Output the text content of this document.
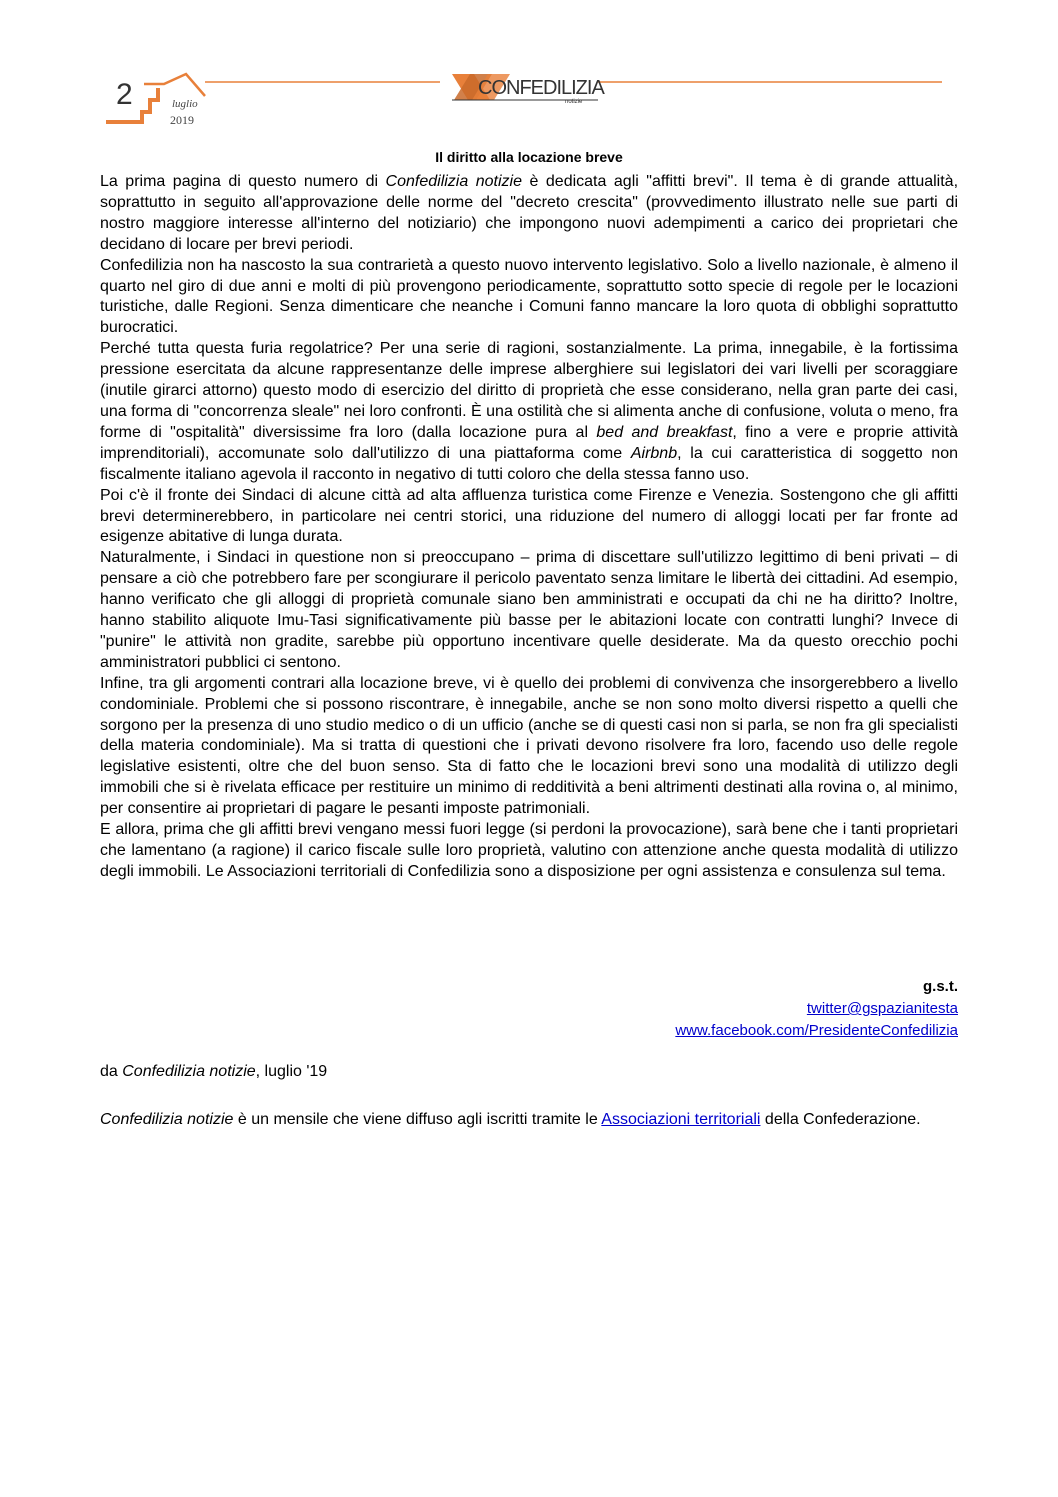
2	luglio
2019
CONFEDILIZIA
notizie
Il diritto alla locazione breve

La prima pagina di questo numero di Confedilizia notizie è dedicata agli "affitti brevi". Il tema è di grande attualità, soprattutto in seguito all'approvazione delle norme del "decreto crescita" (provvedimento illustrato nelle sue parti di nostro maggiore interesse all'interno del notiziario) che impongono nuovi adempimenti a carico dei proprietari che decidano di locare per brevi periodi.

Confedilizia non ha nascosto la sua contrarietà a questo nuovo intervento legislativo. Solo a livello nazionale, è almeno il quarto nel giro di due anni e molti di più provengono periodicamente, soprattutto sotto specie di regole per le locazioni turistiche, dalle Regioni. Senza dimenticare che neanche i Comuni fanno mancare la loro quota di obblighi soprattutto burocratici.

Perché tutta questa furia regolatrice? Per una serie di ragioni, sostanzialmente. La prima, innegabile, è la fortissima pressione esercitata da alcune rappresentanze delle imprese alberghiere sui legislatori dei vari livelli per scoraggiare (inutile girarci attorno) questo modo di esercizio del diritto di proprietà che esse considerano, nella gran parte dei casi, una forma di "concorrenza sleale" nei loro confronti. È una ostilità che si alimenta anche di confusione, voluta o meno, fra forme di "ospitalità" diversissime fra loro (dalla locazione pura al bed and breakfast, fino a vere e proprie attività imprenditoriali), accomunate solo dall'utilizzo di una piattaforma come Airbnb, la cui caratteristica di soggetto non fiscalmente italiano agevola il racconto in negativo di tutti coloro che della stessa fanno uso.

Poi c'è il fronte dei Sindaci di alcune città ad alta affluenza turistica come Firenze e Venezia. Sostengono che gli affitti brevi determinerebbero, in particolare nei centri storici, una riduzione del numero di alloggi locati per far fronte ad esigenze abitative di lunga durata.

Naturalmente, i Sindaci in questione non si preoccupano – prima di discettare sull'utilizzo legittimo di beni privati – di pensare a ciò che potrebbero fare per scongiurare il pericolo paventato senza limitare le libertà dei cittadini. Ad esempio, hanno verificato che gli alloggi di proprietà comunale siano ben amministrati e occupati da chi ne ha diritto? Inoltre, hanno stabilito aliquote Imu-Tasi significativamente più basse per le abitazioni locate con contratti lunghi? Invece di "punire" le attività non gradite, sarebbe più opportuno incentivare quelle desiderate. Ma da questo orecchio pochi amministratori pubblici ci sentono.

Infine, tra gli argomenti contrari alla locazione breve, vi è quello dei problemi di convivenza che insorgerebbero a livello condominiale. Problemi che si possono riscontrare, è innegabile, anche se non sono molto diversi rispetto a quelli che sorgono per la presenza di uno studio medico o di un ufficio (anche se di questi casi non si parla, se non fra gli specialisti della materia condominiale). Ma si tratta di questioni che i privati devono risolvere fra loro, facendo uso delle regole legislative esistenti, oltre che del buon senso. Sta di fatto che le locazioni brevi sono una modalità di utilizzo degli immobili che si è rivelata efficace per restituire un minimo di redditività a beni altrimenti destinati alla rovina o, al minimo, per consentire ai proprietari di pagare le pesanti imposte patrimoniali.

E allora, prima che gli affitti brevi vengano messi fuori legge (si perdoni la provocazione), sarà bene che i tanti proprietari che lamentano (a ragione) il carico fiscale sulle loro proprietà, valutino con attenzione anche questa modalità di utilizzo degli immobili. Le Associazioni territoriali di Confedilizia sono a disposizione per ogni assistenza e consulenza sul tema.

g.s.t.
twitter@gspazianitesta
www.facebook.com/PresidenteConfedilizia
da Confedilizia notizie, luglio '19
Confedilizia notizie è un mensile che viene diffuso agli iscritti tramite le Associazioni territoriali della Confederazione.
